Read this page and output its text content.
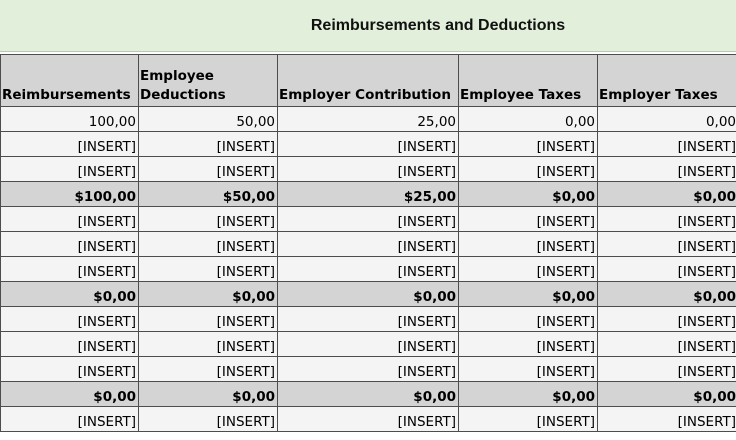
Reimbursements and Deductions
Reimbursements	Employee Deductions	Employer Contribution	Employee Taxes	Employer Taxes
100,00	50,00	25,00	0,00	0,00
[INSERT]	[INSERT]	[INSERT]	[INSERT]	[INSERT]
[INSERT]	[INSERT]	[INSERT]	[INSERT]	[INSERT]
$100,00	$50,00	$25,00	$0,00	$0,00
[INSERT]	[INSERT]	[INSERT]	[INSERT]	[INSERT]
[INSERT]	[INSERT]	[INSERT]	[INSERT]	[INSERT]
[INSERT]	[INSERT]	[INSERT]	[INSERT]	[INSERT]
$0,00	$0,00	$0,00	$0,00	$0,00
[INSERT]	[INSERT]	[INSERT]	[INSERT]	[INSERT]
[INSERT]	[INSERT]	[INSERT]	[INSERT]	[INSERT]
[INSERT]	[INSERT]	[INSERT]	[INSERT]	[INSERT]
$0,00	$0,00	$0,00	$0,00	$0,00
[INSERT]	[INSERT]	[INSERT]	[INSERT]	[INSERT]
